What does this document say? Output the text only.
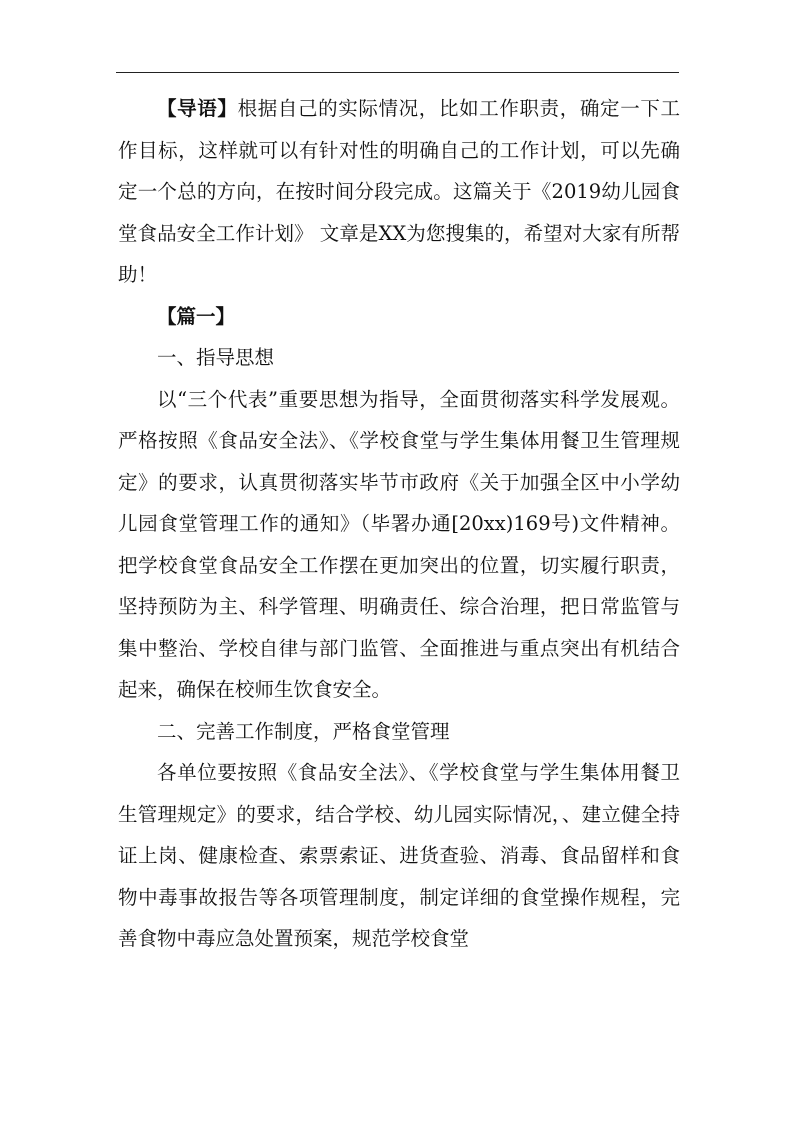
【导语】根据自己的实际情况，比如工作职责，确定一下工作目标，这样就可以有针对性的明确自己的工作计划，可以先确定一个总的方向，在按时间分段完成。这篇关于《2019幼儿园食堂食品安全工作计划》 文章是XX为您搜集的，希望对大家有所帮助！

【篇一】

一、指导思想

以“三个代表”重要思想为指导，全面贯彻落实科学发展观。严格按照《食品安全法》、《学校食堂与学生集体用餐卫生管理规定》的要求，认真贯彻落实毕节市政府《关于加强全区中小学幼儿园食堂管理工作的通知》（毕署办通[20xx)169号)文件精神。把学校食堂食品安全工作摆在更加突出的位置，切实履行职责，坚持预防为主、科学管理、明确责任、综合治理，把日常监管与集中整治、学校自律与部门监管、全面推进与重点突出有机结合起来，确保在校师生饮食安全。

二、完善工作制度，严格食堂管理

各单位要按照《食品安全法》、《学校食堂与学生集体用餐卫生管理规定》的要求，结合学校、幼儿园实际情况，、建立健全持证上岗、健康检查、索票索证、进货查验、消毒、食品留样和食物中毒事故报告等各项管理制度，制定详细的食堂操作规程，完善食物中毒应急处置预案，规范学校食堂
